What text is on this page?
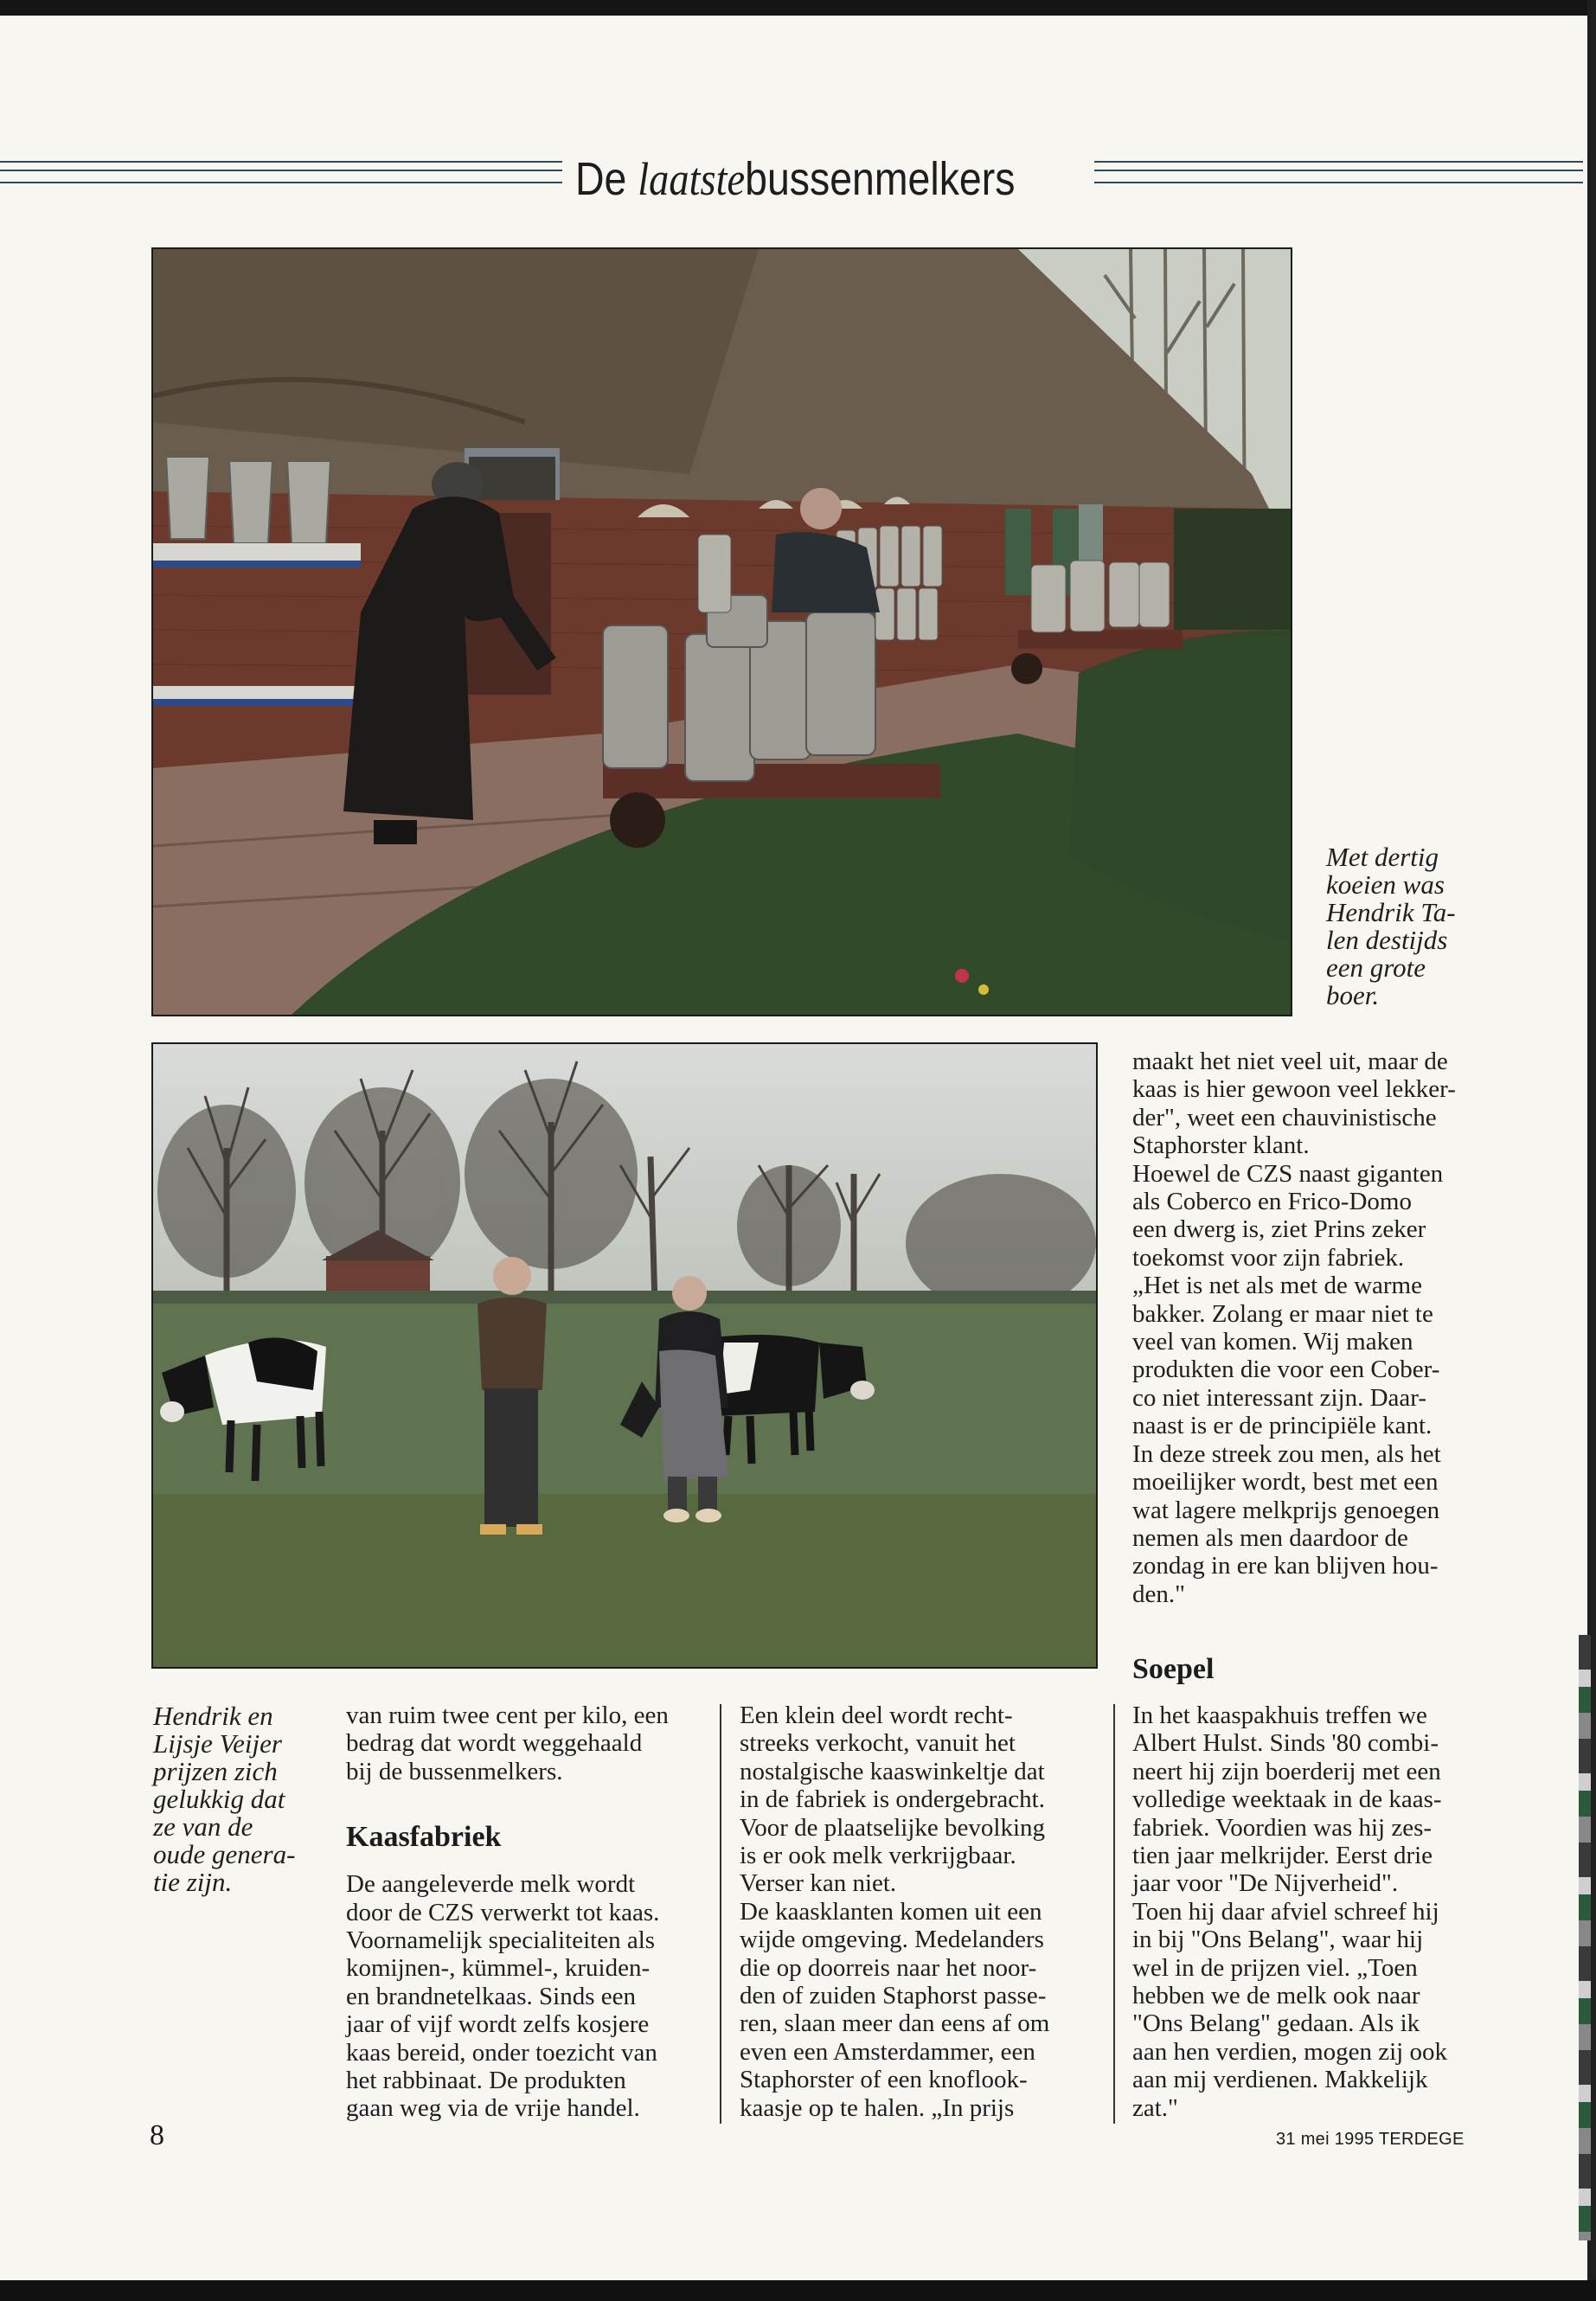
De laatstebussenmelkers
Met dertig
koeien was
Hendrik Ta-
len destijds
een grote
boer.
Hendrik en
Lijsje Veijer
prijzen zich
gelukkig dat
ze van de
oude genera-
tie zijn.

maakt het niet veel uit, maar de

kaas is hier gewoon veel lekker-

der", weet een chauvinistische

Staphorster klant.

Hoewel de CZS naast giganten

als Coberco en Frico-Domo

een dwerg is, ziet Prins zeker

toekomst voor zijn fabriek.

„Het is net als met de warme

bakker. Zolang er maar niet te

veel van komen. Wij maken

produkten die voor een Cober-

co niet interessant zijn. Daar-

naast is er de principiële kant.

In deze streek zou men, als het

moeilijker wordt, best met een

wat lagere melkprijs genoegen

nemen als men daardoor de

zondag in ere kan blijven hou-

den."

Soepel

van ruim twee cent per kilo, een

bedrag dat wordt weggehaald

bij de bussenmelkers.

Kaasfabriek

De aangeleverde melk wordt

door de CZS verwerkt tot kaas.

Voornamelijk specialiteiten als

komijnen-, kümmel-, kruiden-

en brandnetelkaas. Sinds een

jaar of vijf wordt zelfs kosjere

kaas bereid, onder toezicht van

het rabbinaat. De produkten

gaan weg via de vrije handel.

Een klein deel wordt recht-

streeks verkocht, vanuit het

nostalgische kaaswinkeltje dat

in de fabriek is ondergebracht.

Voor de plaatselijke bevolking

is er ook melk verkrijgbaar.

Verser kan niet.

De kaasklanten komen uit een

wijde omgeving. Medelanders

die op doorreis naar het noor-

den of zuiden Staphorst passe-

ren, slaan meer dan eens af om

even een Amsterdammer, een

Staphorster of een knoflook-

kaasje op te halen. „In prijs

In het kaaspakhuis treffen we

Albert Hulst. Sinds '80 combi-

neert hij zijn boerderij met een

volledige weektaak in de kaas-

fabriek. Voordien was hij zes-

tien jaar melkrijder. Eerst drie

jaar voor "De Nijverheid".

Toen hij daar afviel schreef hij

in bij "Ons Belang", waar hij

wel in de prijzen viel. „Toen

hebben we de melk ook naar

"Ons Belang" gedaan. Als ik

aan hen verdien, mogen zij ook

aan mij verdienen. Makkelijk

zat."

8	31 mei 1995 TERDEGE
